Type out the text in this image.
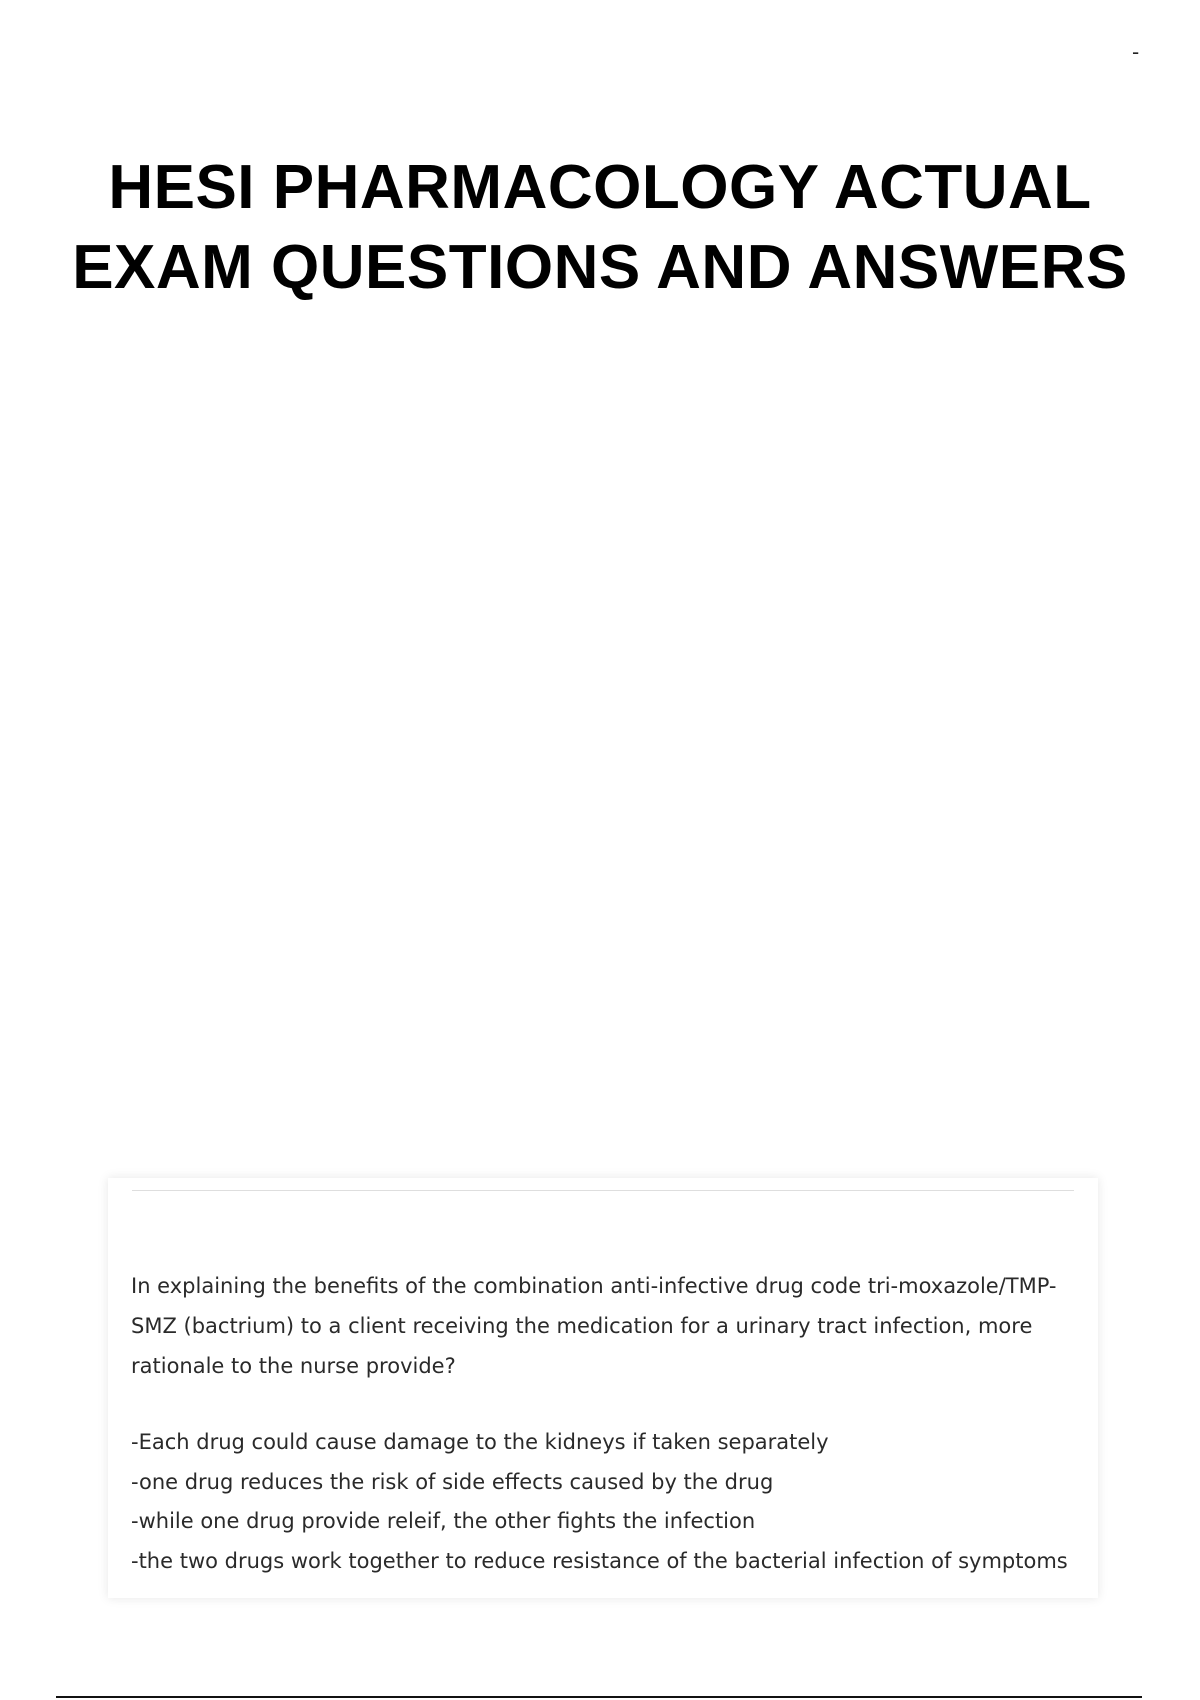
-
HESI PHARMACOLOGY ACTUAL
EXAM QUESTIONS AND ANSWERS

In explaining the benefits of the combination anti-infective drug code tri-moxazole/TMP-SMZ (bactrium) to a client receiving the medication for a urinary tract infection, more rationale to the nurse provide?

-Each drug could cause damage to the kidneys if taken separately
-one drug reduces the risk of side effects caused by the drug
-while one drug provide releif, the other fights the infection
-the two drugs work together to reduce resistance of the bacterial infection of symptoms
